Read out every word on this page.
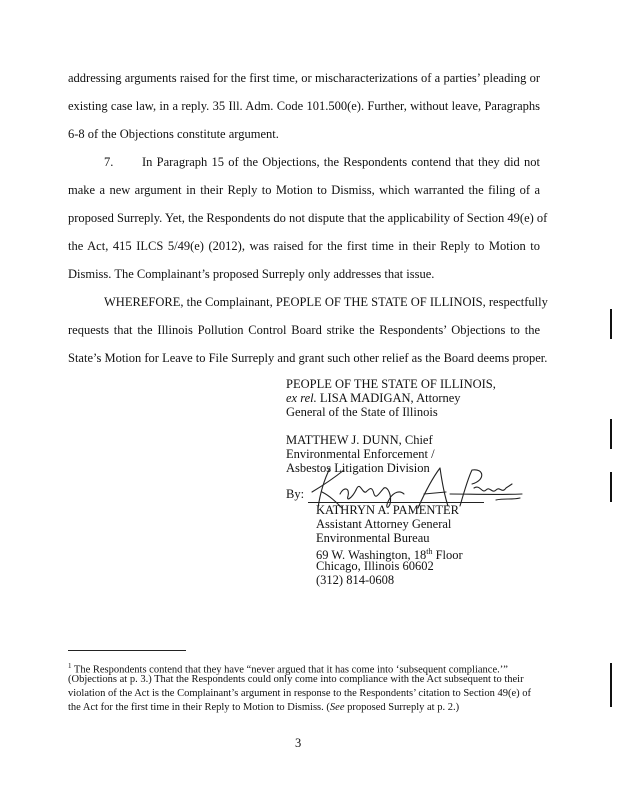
addressing arguments raised for the first time, or mischaracterizations of a parties’ pleading or
existing case law, in a reply. 35 Ill. Adm. Code 101.500(e). Further, without leave, Paragraphs
6-8 of the Objections constitute argument.
7. In Paragraph 15 of the Objections, the Respondents contend that they did not
make a new argument in their Reply to Motion to Dismiss, which warranted the filing of a
proposed Surreply. Yet, the Respondents do not dispute that the applicability of Section 49(e) of
the Act, 415 ILCS 5/49(e) (2012), was raised for the first time in their Reply to Motion to
Dismiss. The Complainant’s proposed Surreply only addresses that issue.
WHEREFORE, the Complainant, PEOPLE OF THE STATE OF ILLINOIS, respectfully
requests that the Illinois Pollution Control Board strike the Respondents’ Objections to the
State’s Motion for Leave to File Surreply and grant such other relief as the Board deems proper.
PEOPLE OF THE STATE OF ILLINOIS,
ex rel. LISA MADIGAN, Attorney
General of the State of Illinois
MATTHEW J. DUNN, Chief
Environmental Enforcement /
Asbestos Litigation Division
By:
KATHRYN A. PAMENTER
Assistant Attorney General
Environmental Bureau
69 W. Washington, 18th Floor
Chicago, Illinois 60602
(312) 814-0608
$^1$ The Respondents contend that they have “never argued that it has come into ‘subsequent compliance.’”
(Objections at p. 3.) That the Respondents could only come into compliance with the Act subsequent to their
violation of the Act is the Complainant’s argument in response to the Respondents’ citation to Section 49(e) of
the Act for the first time in their Reply to Motion to Dismiss. (See proposed Surreply at p. 2.)
3
